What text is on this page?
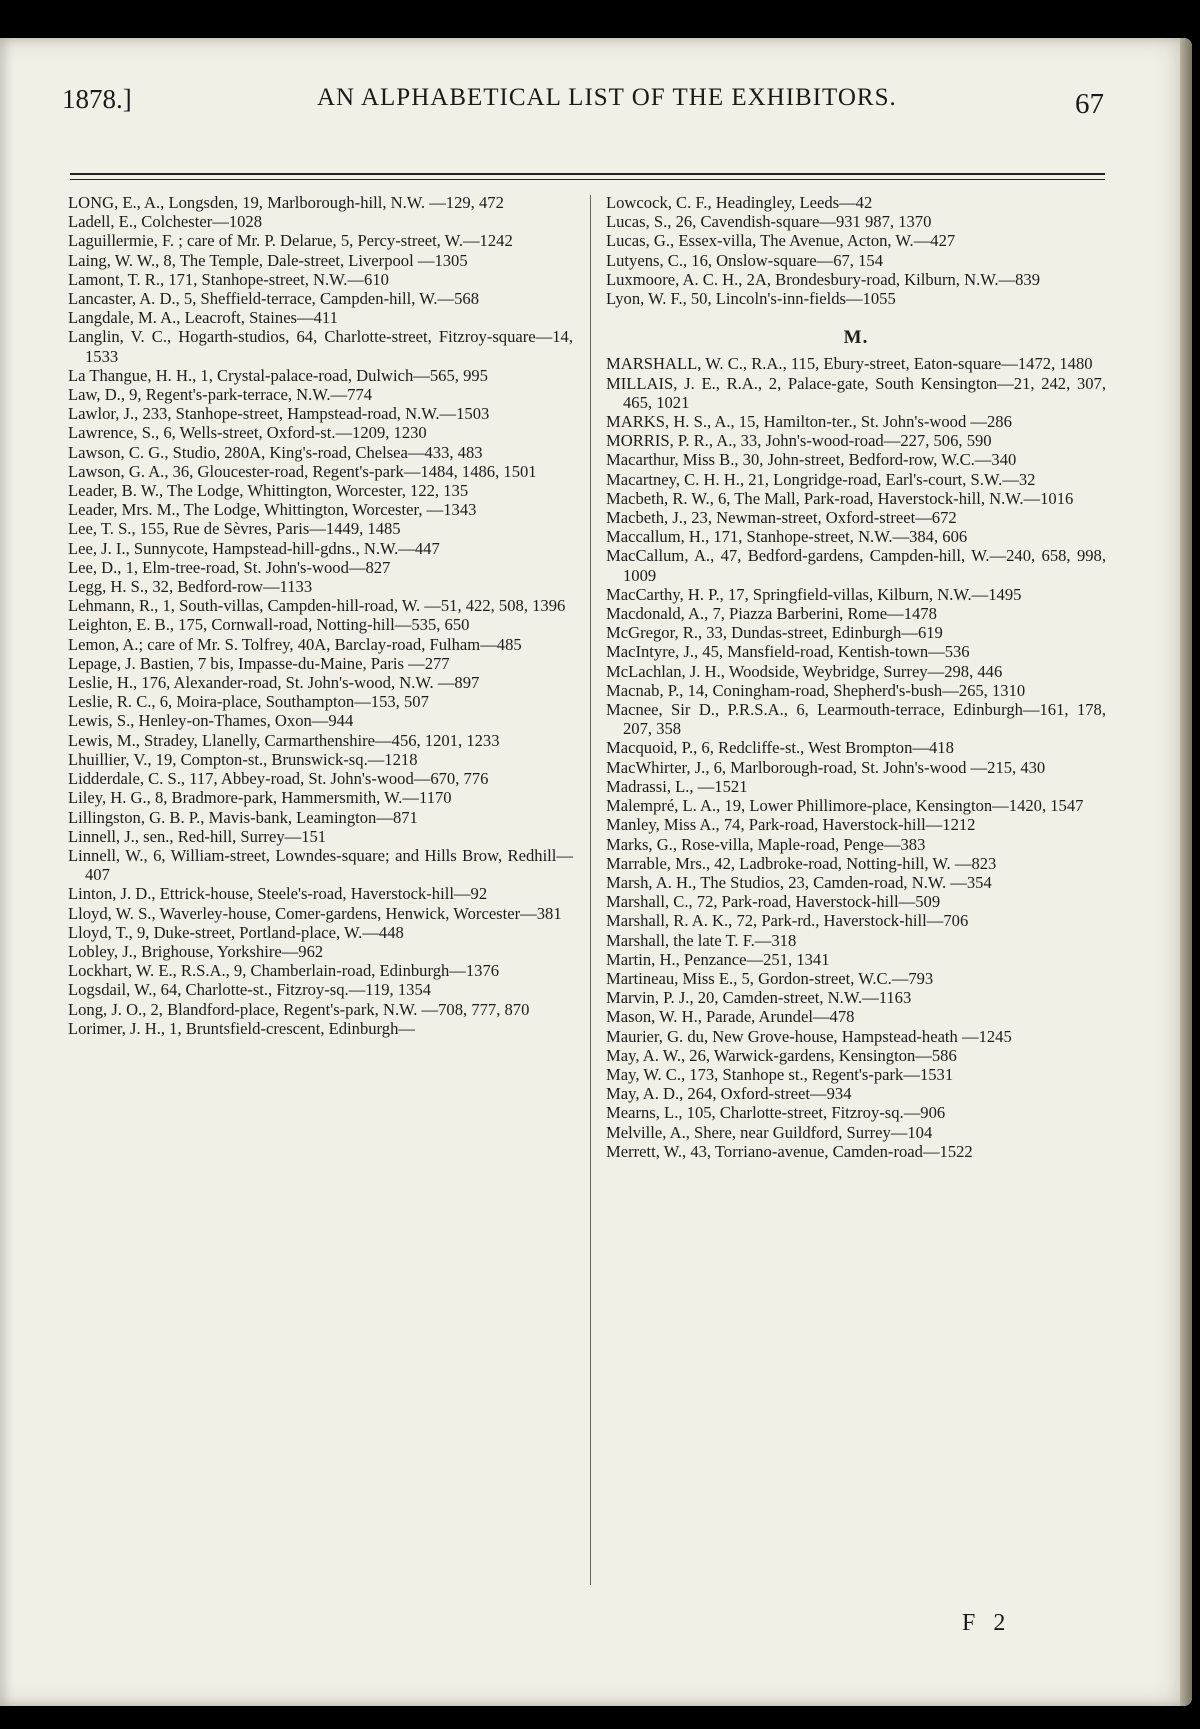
1878.]	AN ALPHABETICAL LIST OF THE EXHIBITORS.	67
LONG, E., A., Longsden, 19, Marlborough-hill, N.W. —129, 472
Ladell, E., Colchester—1028
Laguillermie, F. ; care of Mr. P. Delarue, 5, Percy-street, W.—1242
Laing, W. W., 8, The Temple, Dale-street, Liverpool —1305
Lamont, T. R., 171, Stanhope-street, N.W.—610
Lancaster, A. D., 5, Sheffield-terrace, Campden-hill, W.—568
Langdale, M. A., Leacroft, Staines—411
Langlin, V. C., Hogarth-studios, 64, Charlotte-street, Fitzroy-square—14, 1533
La Thangue, H. H., 1, Crystal-palace-road, Dulwich—565, 995
Law, D., 9, Regent's-park-terrace, N.W.—774
Lawlor, J., 233, Stanhope-street, Hampstead-road, N.W.—1503
Lawrence, S., 6, Wells-street, Oxford-st.—1209, 1230
Lawson, C. G., Studio, 280A, King's-road, Chelsea—433, 483
Lawson, G. A., 36, Gloucester-road, Regent's-park—1484, 1486, 1501
Leader, B. W., The Lodge, Whittington, Worcester, 122, 135
Leader, Mrs. M., The Lodge, Whittington, Worcester, —1343
Lee, T. S., 155, Rue de Sèvres, Paris—1449, 1485
Lee, J. I., Sunnycote, Hampstead-hill-gdns., N.W.—447
Lee, D., 1, Elm-tree-road, St. John's-wood—827
Legg, H. S., 32, Bedford-row—1133
Lehmann, R., 1, South-villas, Campden-hill-road, W. —51, 422, 508, 1396
Leighton, E. B., 175, Cornwall-road, Notting-hill—535, 650
Lemon, A.; care of Mr. S. Tolfrey, 40A, Barclay-road, Fulham—485
Lepage, J. Bastien, 7 bis, Impasse-du-Maine, Paris —277
Leslie, H., 176, Alexander-road, St. John's-wood, N.W. —897
Leslie, R. C., 6, Moira-place, Southampton—153, 507
Lewis, S., Henley-on-Thames, Oxon—944
Lewis, M., Stradey, Llanelly, Carmarthenshire—456, 1201, 1233
Lhuillier, V., 19, Compton-st., Brunswick-sq.—1218
Lidderdale, C. S., 117, Abbey-road, St. John's-wood—670, 776
Liley, H. G., 8, Bradmore-park, Hammersmith, W.—1170
Lillingston, G. B. P., Mavis-bank, Leamington—871
Linnell, J., sen., Red-hill, Surrey—151
Linnell, W., 6, William-street, Lowndes-square; and Hills Brow, Redhill—407
Linton, J. D., Ettrick-house, Steele's-road, Haverstock-hill—92
Lloyd, W. S., Waverley-house, Comer-gardens, Henwick, Worcester—381
Lloyd, T., 9, Duke-street, Portland-place, W.—448
Lobley, J., Brighouse, Yorkshire—962
Lockhart, W. E., R.S.A., 9, Chamberlain-road, Edinburgh—1376
Logsdail, W., 64, Charlotte-st., Fitzroy-sq.—119, 1354
Long, J. O., 2, Blandford-place, Regent's-park, N.W. —708, 777, 870
Lorimer, J. H., 1, Bruntsfield-crescent, Edinburgh—
Lowcock, C. F., Headingley, Leeds—42
Lucas, S., 26, Cavendish-square—931 987, 1370
Lucas, G., Essex-villa, The Avenue, Acton, W.—427
Lutyens, C., 16, Onslow-square—67, 154
Luxmoore, A. C. H., 2A, Brondesbury-road, Kilburn, N.W.—839
Lyon, W. F., 50, Lincoln's-inn-fields—1055
M.
MARSHALL, W. C., R.A., 115, Ebury-street, Eaton-square—1472, 1480
MILLAIS, J. E., R.A., 2, Palace-gate, South Kensington—21, 242, 307, 465, 1021
MARKS, H. S., A., 15, Hamilton-ter., St. John's-wood —286
MORRIS, P. R., A., 33, John's-wood-road—227, 506, 590
Macarthur, Miss B., 30, John-street, Bedford-row, W.C.—340
Macartney, C. H. H., 21, Longridge-road, Earl's-court, S.W.—32
Macbeth, R. W., 6, The Mall, Park-road, Haverstock-hill, N.W.—1016
Macbeth, J., 23, Newman-street, Oxford-street—672
Maccallum, H., 171, Stanhope-street, N.W.—384, 606
MacCallum, A., 47, Bedford-gardens, Campden-hill, W.—240, 658, 998, 1009
MacCarthy, H. P., 17, Springfield-villas, Kilburn, N.W.—1495
Macdonald, A., 7, Piazza Barberini, Rome—1478
McGregor, R., 33, Dundas-street, Edinburgh—619
MacIntyre, J., 45, Mansfield-road, Kentish-town—536
McLachlan, J. H., Woodside, Weybridge, Surrey—298, 446
Macnab, P., 14, Coningham-road, Shepherd's-bush—265, 1310
Macnee, Sir D., P.R.S.A., 6, Learmouth-terrace, Edinburgh—161, 178, 207, 358
Macquoid, P., 6, Redcliffe-st., West Brompton—418
MacWhirter, J., 6, Marlborough-road, St. John's-wood —215, 430
Madrassi, L., —1521
Malempré, L. A., 19, Lower Phillimore-place, Kensington—1420, 1547
Manley, Miss A., 74, Park-road, Haverstock-hill—1212
Marks, G., Rose-villa, Maple-road, Penge—383
Marrable, Mrs., 42, Ladbroke-road, Notting-hill, W. —823
Marsh, A. H., The Studios, 23, Camden-road, N.W. —354
Marshall, C., 72, Park-road, Haverstock-hill—509
Marshall, R. A. K., 72, Park-rd., Haverstock-hill—706
Marshall, the late T. F.—318
Martin, H., Penzance—251, 1341
Martineau, Miss E., 5, Gordon-street, W.C.—793
Marvin, P. J., 20, Camden-street, N.W.—1163
Mason, W. H., Parade, Arundel—478
Maurier, G. du, New Grove-house, Hampstead-heath —1245
May, A. W., 26, Warwick-gardens, Kensington—586
May, W. C., 173, Stanhope st., Regent's-park—1531
May, A. D., 264, Oxford-street—934
Mearns, L., 105, Charlotte-street, Fitzroy-sq.—906
Melville, A., Shere, near Guildford, Surrey—104
Merrett, W., 43, Torriano-avenue, Camden-road—1522
F 2
